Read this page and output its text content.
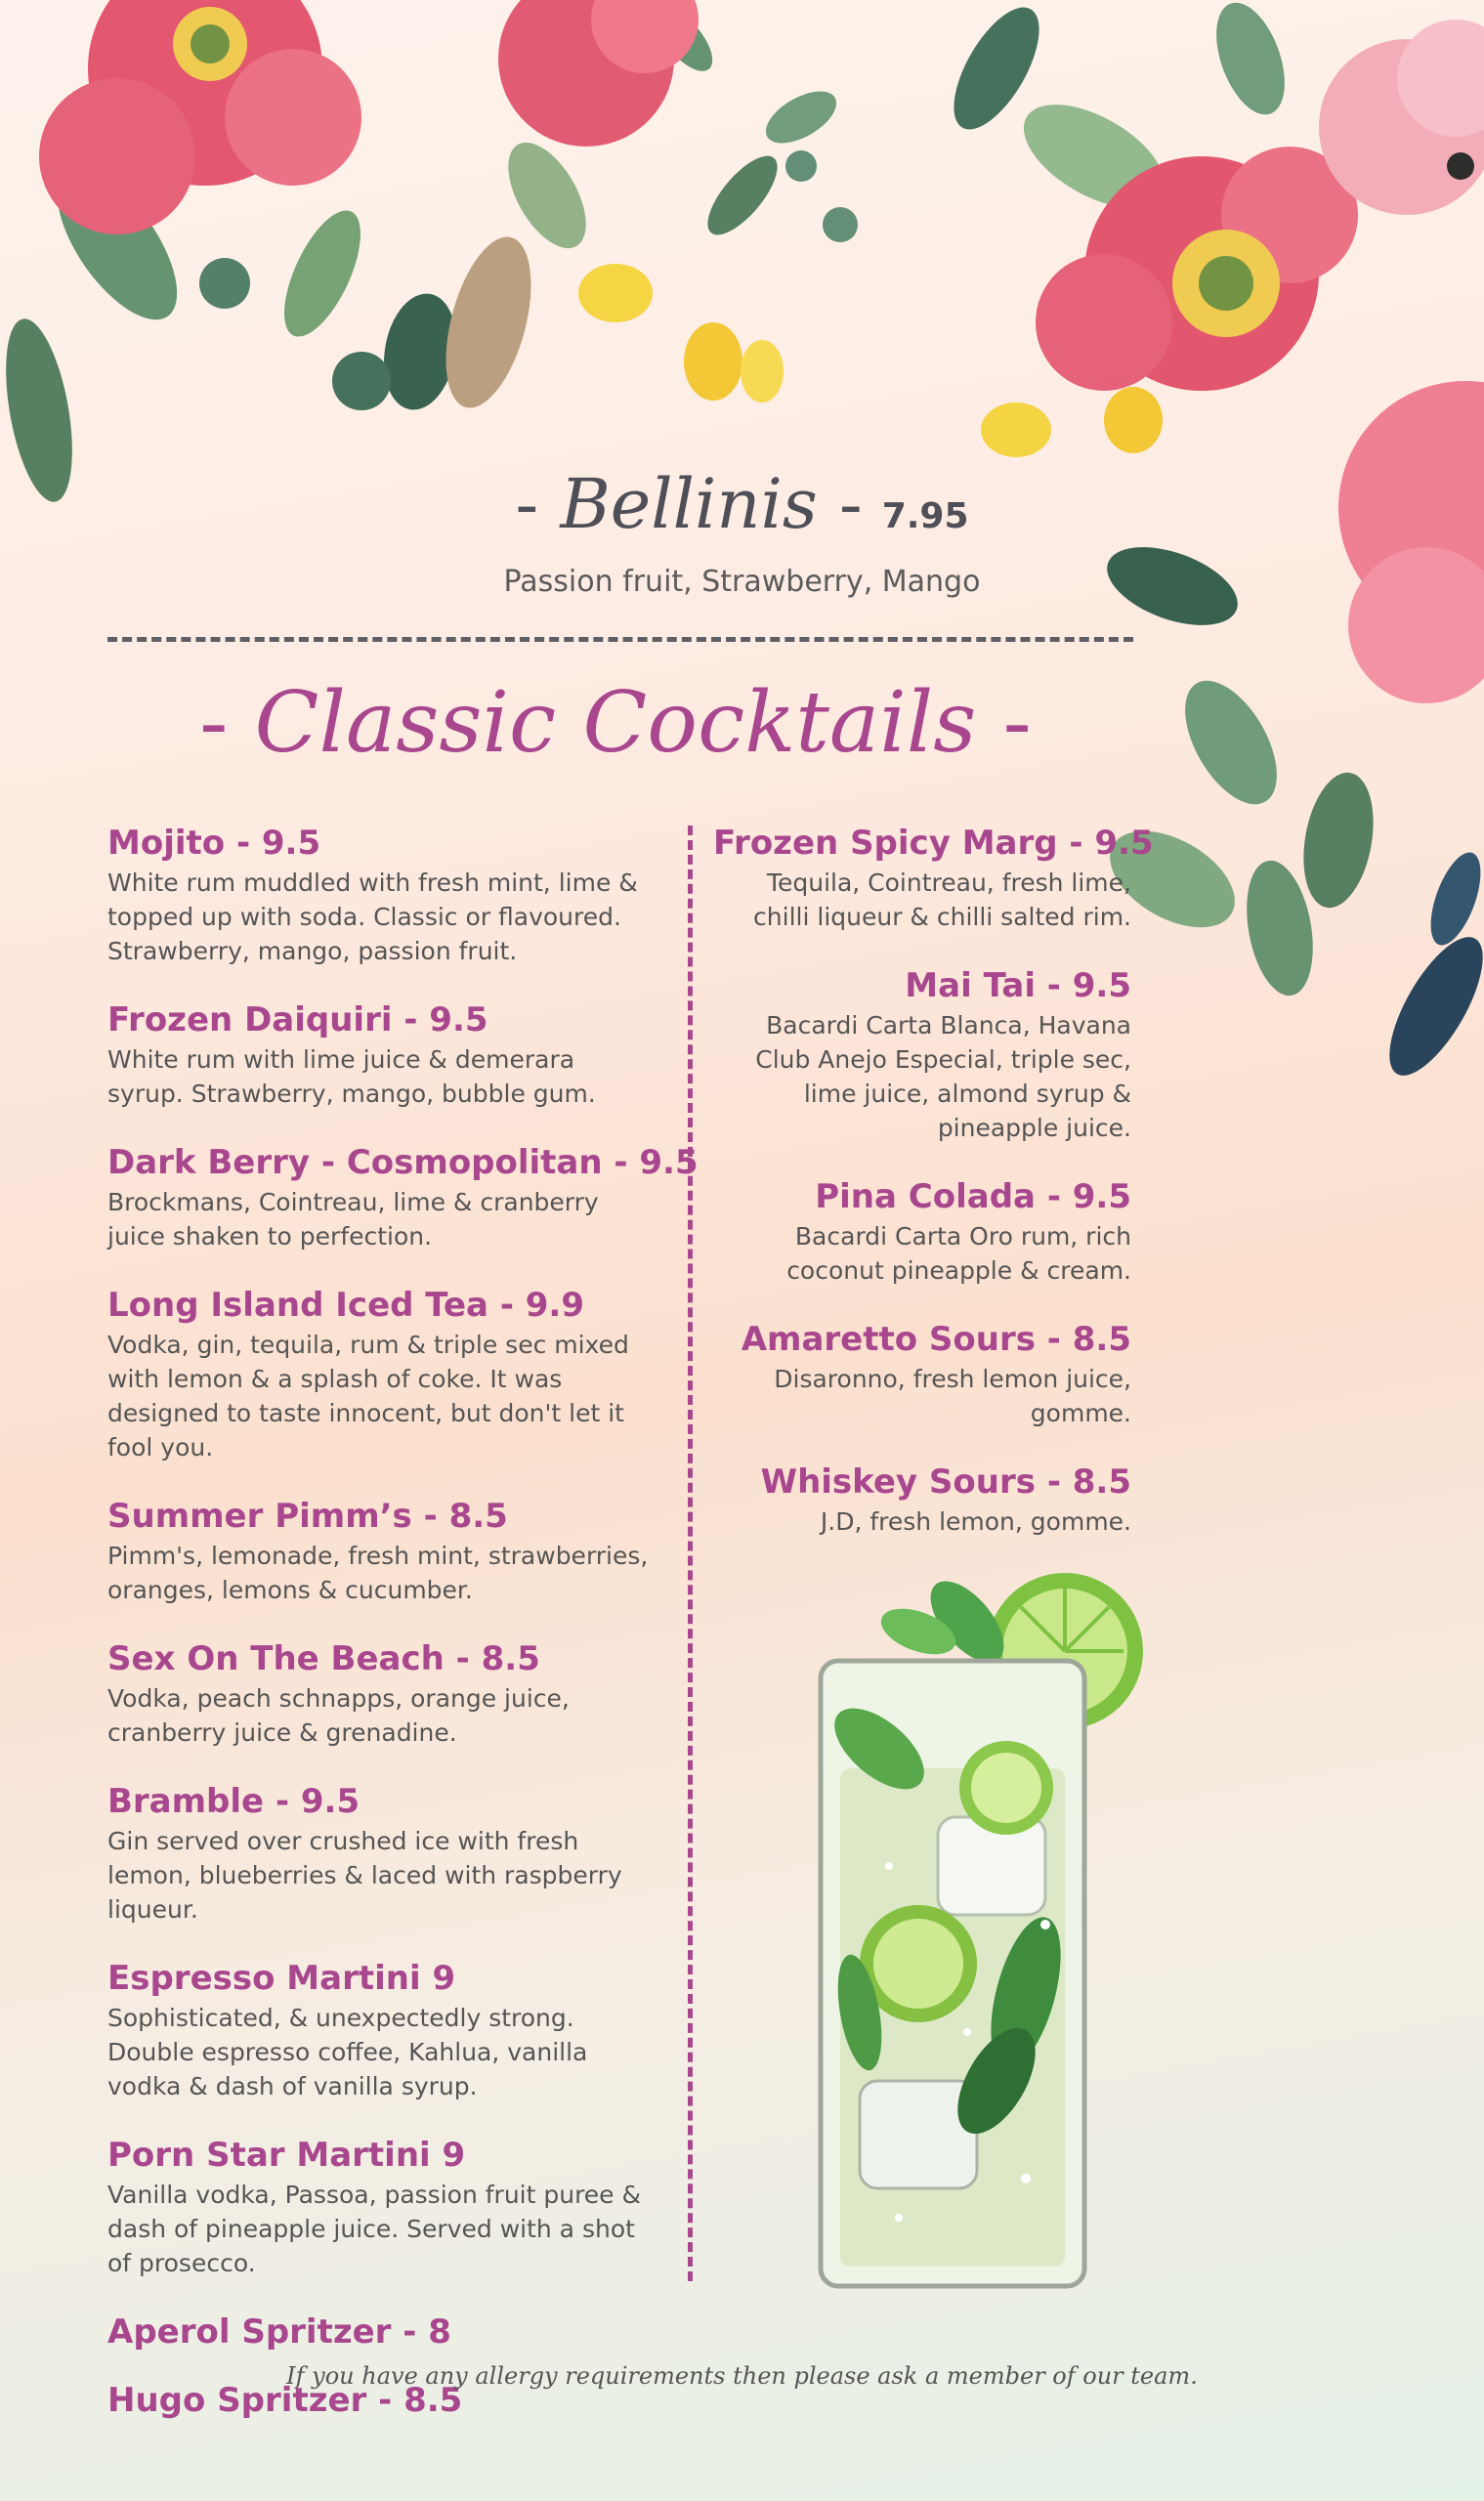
- Bellinis - 7.95
Passion fruit, Strawberry, Mango
- Classic Cocktails -
Mojito - 9.5
White rum muddled with fresh mint, lime & topped up with soda. Classic or flavoured. Strawberry, mango, passion fruit.
Frozen Daiquiri - 9.5
White rum with lime juice & demerara syrup. Strawberry, mango, bubble gum.
Dark Berry - Cosmopolitan - 9.5
Brockmans, Cointreau, lime & cranberry juice shaken to perfection.
Long Island Iced Tea - 9.9
Vodka, gin, tequila, rum & triple sec mixed with lemon & a splash of coke. It was designed to taste innocent, but don't let it fool you.
Summer Pimm’s - 8.5
Pimm's, lemonade, fresh mint, strawberries, oranges, lemons & cucumber.
Sex On The Beach - 8.5
Vodka, peach schnapps, orange juice, cranberry juice & grenadine.
Bramble - 9.5
Gin served over crushed ice with fresh lemon, blueberries & laced with raspberry liqueur.
Espresso Martini 9
Sophisticated, & unexpectedly strong. Double espresso coffee, Kahlua, vanilla vodka & dash of vanilla syrup.
Porn Star Martini 9
Vanilla vodka, Passoa, passion fruit puree & dash of pineapple juice. Served with a shot of prosecco.
Aperol Spritzer - 8
Hugo Spritzer - 8.5
Frozen Spicy Marg - 9.5
Tequila, Cointreau, fresh lime, chilli liqueur & chilli salted rim.
Mai Tai - 9.5
Bacardi Carta Blanca, Havana Club Anejo Especial, triple sec, lime juice, almond syrup & pineapple juice.
Pina Colada - 9.5
Bacardi Carta Oro rum, rich coconut pineapple & cream.
Amaretto Sours - 8.5
Disaronno, fresh lemon juice, gomme.
Whiskey Sours - 8.5
J.D, fresh lemon, gomme.
If you have any allergy requirements then please ask a member of our team.
